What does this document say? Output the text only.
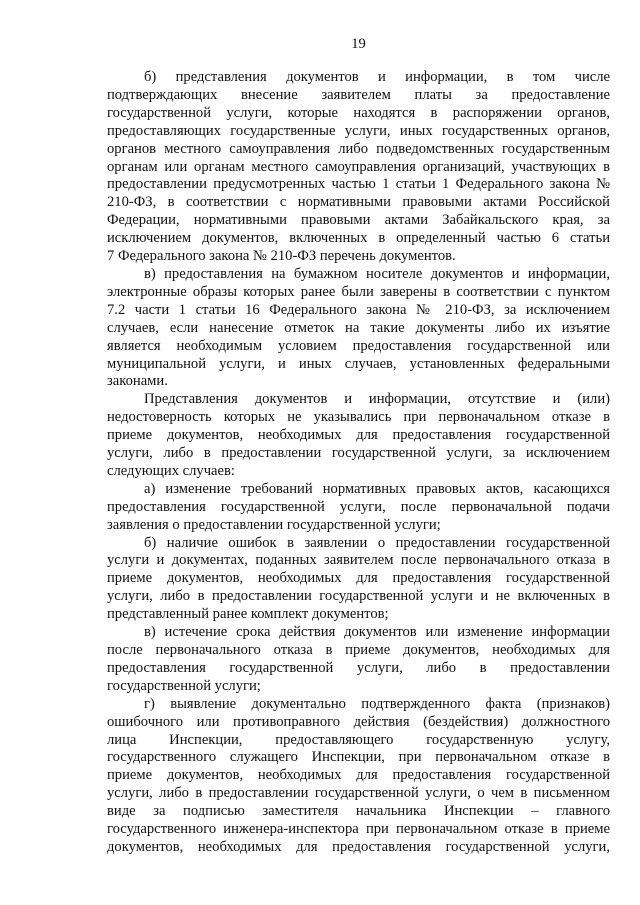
19
б) представления документов и информации, в том числе
подтверждающих внесение заявителем платы за предоставление
государственной услуги, которые находятся в распоряжении органов,
предоставляющих государственные услуги, иных государственных органов,
органов местного самоуправления либо подведомственных государственным
органам или органам местного самоуправления организаций, участвующих в
предоставлении предусмотренных частью 1 статьи 1 Федерального закона №
210-ФЗ, в соответствии с нормативными правовыми актами Российской
Федерации, нормативными правовыми актами Забайкальского края, за
исключением документов, включенных в определенный частью 6 статьи
7 Федерального закона № 210-ФЗ перечень документов.
в) предоставления на бумажном носителе документов и информации,
электронные образы которых ранее были заверены в соответствии с пунктом
7.2 части 1 статьи 16 Федерального закона № 210-ФЗ, за исключением
случаев, если нанесение отметок на такие документы либо их изъятие
является необходимым условием предоставления государственной или
муниципальной услуги, и иных случаев, установленных федеральными
законами.
Представления документов и информации, отсутствие и (или)
недостоверность которых не указывались при первоначальном отказе в
приеме документов, необходимых для предоставления государственной
услуги, либо в предоставлении государственной услуги, за исключением
следующих случаев:
а) изменение требований нормативных правовых актов, касающихся
предоставления государственной услуги, после первоначальной подачи
заявления о предоставлении государственной услуги;
б) наличие ошибок в заявлении о предоставлении государственной
услуги и документах, поданных заявителем после первоначального отказа в
приеме документов, необходимых для предоставления государственной
услуги, либо в предоставлении государственной услуги и не включенных в
представленный ранее комплект документов;
в) истечение срока действия документов или изменение информации
после первоначального отказа в приеме документов, необходимых для
предоставления государственной услуги, либо в предоставлении
государственной услуги;
г) выявление документально подтвержденного факта (признаков)
ошибочного или противоправного действия (бездействия) должностного
лица Инспекции, предоставляющего государственную услугу,
государственного служащего Инспекции, при первоначальном отказе в
приеме документов, необходимых для предоставления государственной
услуги, либо в предоставлении государственной услуги, о чем в письменном
виде за подписью заместителя начальника Инспекции – главного
государственного инженера-инспектора при первоначальном отказе в приеме
документов, необходимых для предоставления государственной услуги,
